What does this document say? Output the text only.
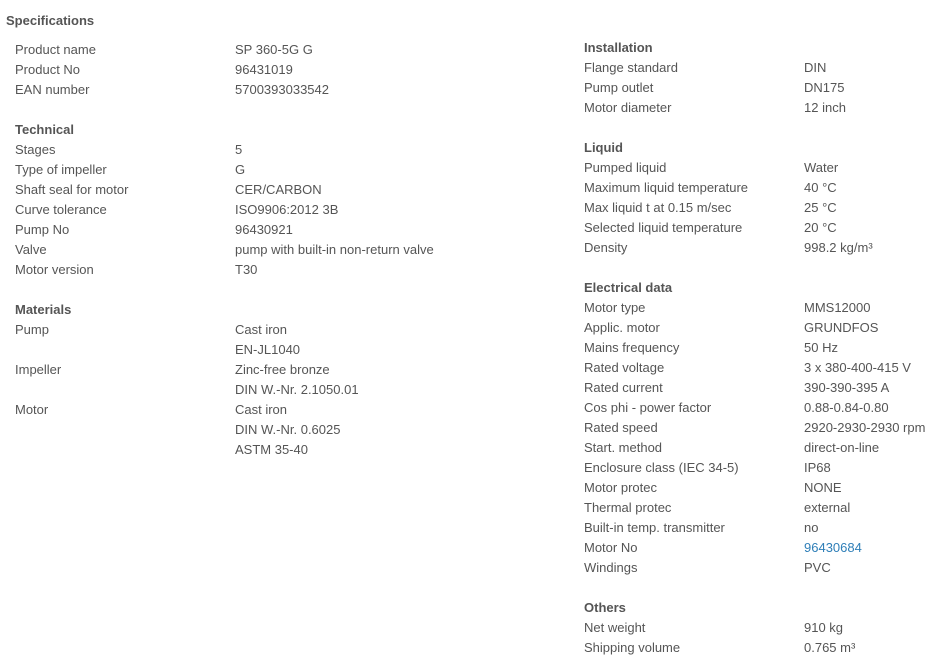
Specifications
Product name	SP 360-5G G
Product No	96431019
EAN number	5700393033542
Technical
Stages	5
Type of impeller	G
Shaft seal for motor	CER/CARBON
Curve tolerance	ISO9906:2012 3B
Pump No	96430921
Valve	pump with built-in non-return valve
Motor version	T30
Materials
Pump	Cast iron
EN-JL1040
Impeller	Zinc-free bronze
DIN W.-Nr. 2.1050.01
Motor	Cast iron
DIN W.-Nr. 0.6025
ASTM 35-40
Installation
Flange standard	DIN
Pump outlet	DN175
Motor diameter	12 inch
Liquid
Pumped liquid	Water
Maximum liquid temperature	40 °C
Max liquid t at 0.15 m/sec	25 °C
Selected liquid temperature	20 °C
Density	998.2 kg/m³
Electrical data
Motor type	MMS12000
Applic. motor	GRUNDFOS
Mains frequency	50 Hz
Rated voltage	3 x 380-400-415 V
Rated current	390-390-395 A
Cos phi - power factor	0.88-0.84-0.80
Rated speed	2920-2930-2930 rpm
Start. method	direct-on-line
Enclosure class (IEC 34-5)	IP68
Motor protec	NONE
Thermal protec	external
Built-in temp. transmitter	no
Motor No	96430684
Windings	PVC
Others
Net weight	910 kg
Shipping volume	0.765 m³
